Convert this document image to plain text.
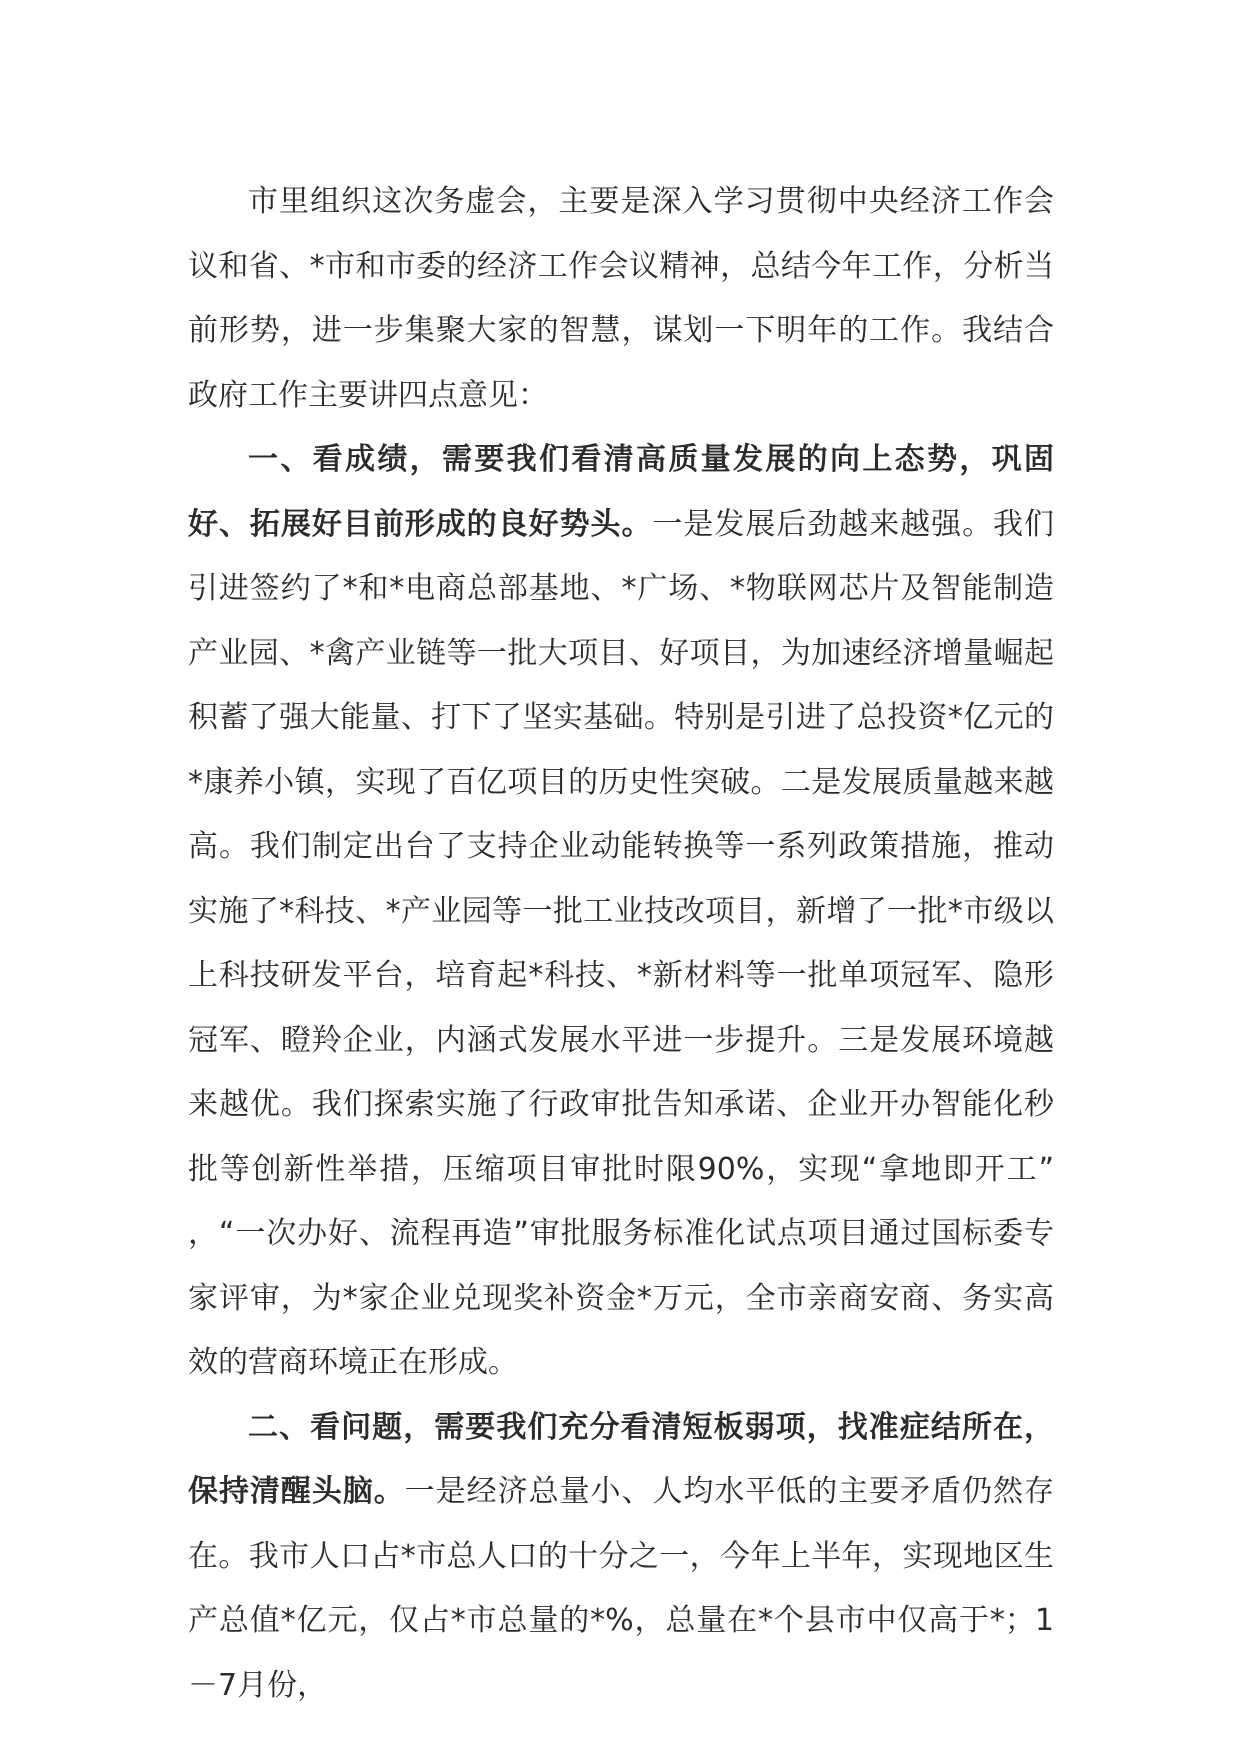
市里组织这次务虚会，主要是深入学习贯彻中央经济工作会议和省、*市和市委的经济工作会议精神，总结今年工作，分析当前形势，进一步集聚大家的智慧，谋划一下明年的工作。我结合政府工作主要讲四点意见：

一、看成绩，需要我们看清高质量发展的向上态势，巩固好、拓展好目前形成的良好势头。一是发展后劲越来越强。我们引进签约了*和*电商总部基地、*广场、*物联网芯片及智能制造产业园、*禽产业链等一批大项目、好项目，为加速经济增量崛起积蓄了强大能量、打下了坚实基础。特别是引进了总投资*亿元的*康养小镇，实现了百亿项目的历史性突破。二是发展质量越来越高。我们制定出台了支持企业动能转换等一系列政策措施，推动实施了*科技、*产业园等一批工业技改项目，新增了一批*市级以上科技研发平台，培育起*科技、*新材料等一批单项冠军、隐形冠军、瞪羚企业，内涵式发展水平进一步提升。三是发展环境越来越优。我们探索实施了行政审批告知承诺、企业开办智能化秒批等创新性举措，压缩项目审批时限90%，实现“拿地即开工” ，“一次办好、流程再造”审批服务标准化试点项目通过国标委专家评审，为*家企业兑现奖补资金*万元，全市亲商安商、务实高效的营商环境正在形成。

二、看问题，需要我们充分看清短板弱项，找准症结所在，保持清醒头脑。一是经济总量小、人均水平低的主要矛盾仍然存在。我市人口占*市总人口的十分之一，今年上半年，实现地区生产总值*亿元，仅占*市总量的*%，总量在*个县市中仅高于*；1－7月份，
